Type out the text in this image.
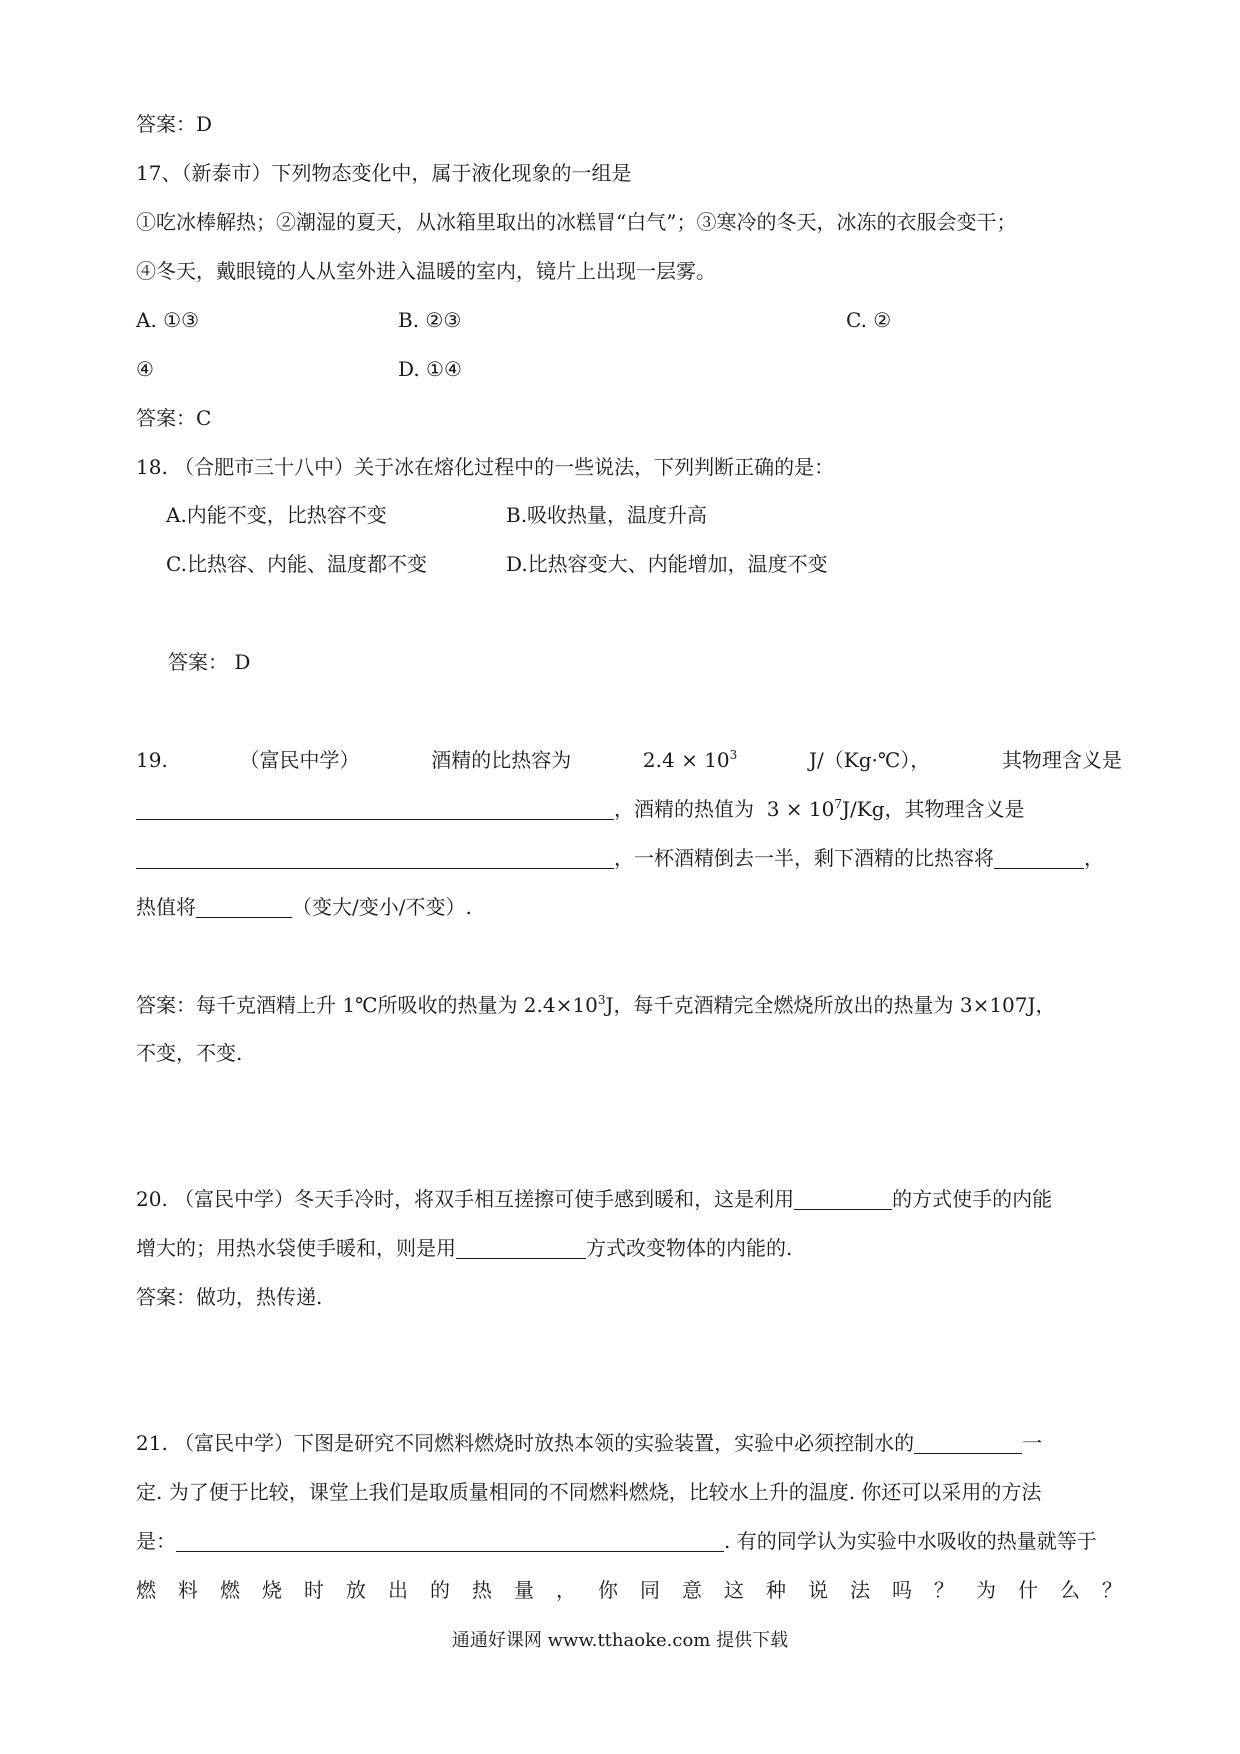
答案：D
17、（新泰市）下列物态变化中，属于液化现象的一组是
①吃冰棒解热；②潮湿的夏天，从冰箱里取出的冰糕冒“白气”；③寒冷的冬天，冰冻的衣服会变干；
④冬天，戴眼镜的人从室外进入温暖的室内，镜片上出现一层雾。
A. ①③	B. ②③	C. ②
④	D. ①④
答案：C
18. （合肥市三十八中）关于冰在熔化过程中的一些说法，下列判断正确的是：
A.内能不变，比热容不变	B.吸收热量，温度升高
C.比热容、内能、温度都不变	D.比热容变大、内能增加，温度不变
答案： D
19.	（富民中学）	酒精的比热容为	$2.4 \times 10^3$	J/（Kg·℃），	其物理含义是
，酒精的热值为 $3 \times 10^7J/Kg$，其物理含义是
，一杯酒精倒去一半，剩下酒精的比热容将	，
热值将	（变大/变小/不变）.
答案：每千克酒精上升 1℃所吸收的热量为 $2.4\times 10^3J$，每千克酒精完全燃烧所放出的热量为 3×107J，
不变，不变.
20. （富民中学）冬天手冷时，将双手相互搓擦可使手感到暖和，这是利用	的方式使手的内能
增大的；用热水袋使手暖和，则是用	方式改变物体的内能的.
答案：做功，热传递.
21. （富民中学）下图是研究不同燃料燃烧时放热本领的实验装置，实验中必须控制水的	一
定. 为了便于比较，课堂上我们是取质量相同的不同燃料燃烧，比较水上升的温度. 你还可以采用的方法
是：	. 有的同学认为实验中水吸收的热量就等于
燃 料 燃 烧 时 放 出 的 热 量 ， 你 同 意 这 种 说 法 吗 ？ 为 什 么 ？
通通好课网 www.tthaoke.com 提供下载
